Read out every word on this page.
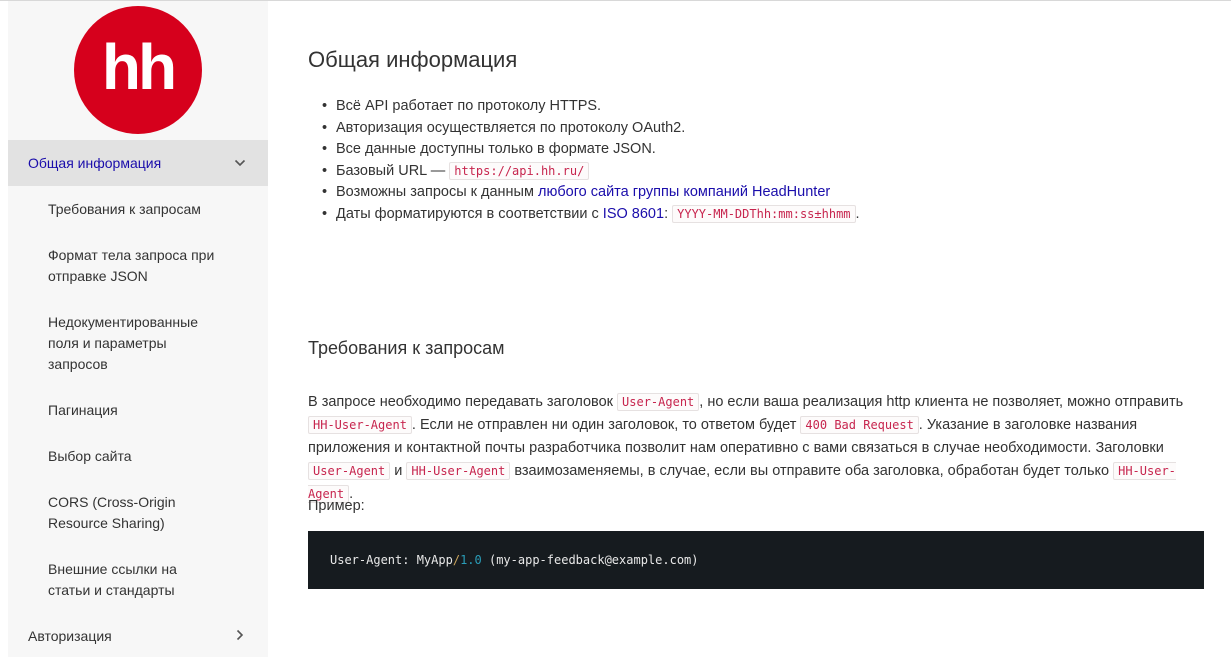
hh
Общая информация
Требования к запросам
Формат тела запроса при отправке JSON
Недокументированные поля и параметры запросов
Пагинация
Выбор сайта
CORS (Cross-Origin Resource Sharing)
Внешние ссылки на статьи и стандарты
Авторизация
Общая информация
• Всё API работает по протоколу HTTPS.
• Авторизация осуществляется по протоколу OAuth2.
• Все данные доступны только в формате JSON.
• Базовый URL — https://api.hh.ru/
• Возможны запросы к данным любого сайта группы компаний HeadHunter
• Даты форматируются в соответствии с ISO 8601: YYYY-MM-DDThh:mm:ss±hhmm .
Требования к запросам

В запросе необходимо передавать заголовок User-Agent , но если ваша реализация http клиента не позволяет, можно отправить HH-User-Agent . Если не отправлен ни один заголовок, то ответом будет 400 Bad Request . Указание в заголовке названия приложения и контактной почты разработчика позволит нам оперативно с вами связаться в случае необходимости. Заголовки User-Agent и HH-User-Agent взаимозаменяемы, в случае, если вы отправите оба заголовка, обработан будет только HH-User-Agent .

Пример:

User-Agent: MyApp/1.0 (my-app-feedback@example.com)
